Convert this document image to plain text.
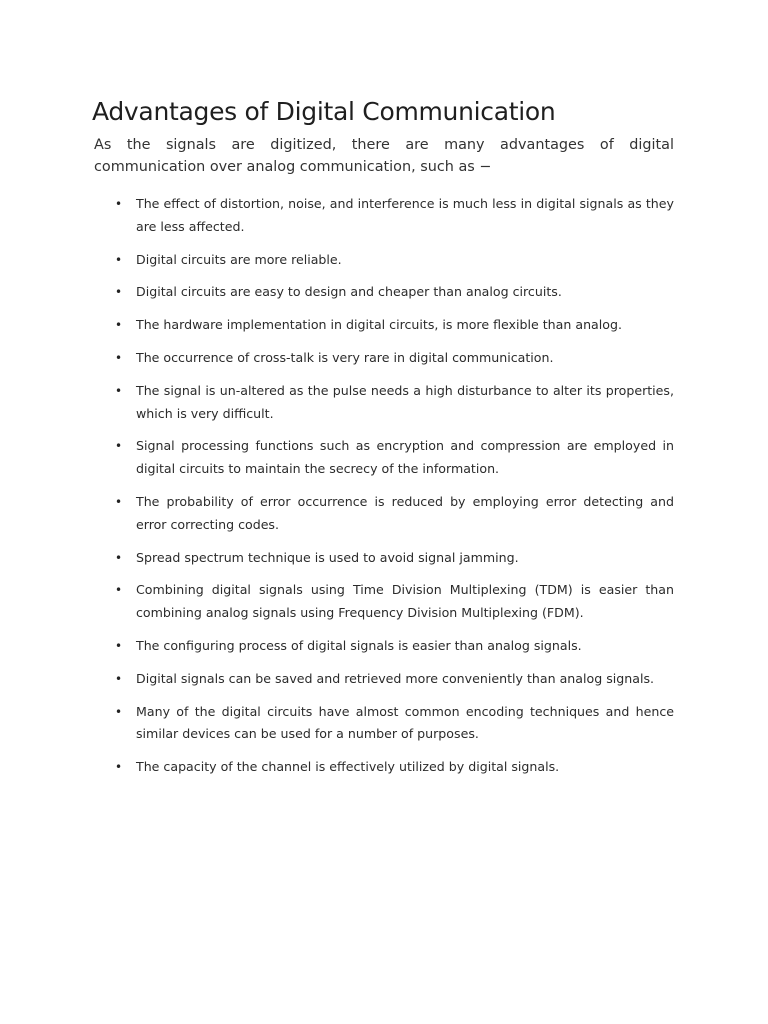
Advantages of Digital Communication

As the signals are digitized, there are many advantages of digital communication over analog communication, such as −

• The effect of distortion, noise, and interference is much less in digital signals as they are less affected.
• Digital circuits are more reliable.
• Digital circuits are easy to design and cheaper than analog circuits.
• The hardware implementation in digital circuits, is more flexible than analog.
• The occurrence of cross-talk is very rare in digital communication.
• The signal is un-altered as the pulse needs a high disturbance to alter its properties, which is very difficult.
• Signal processing functions such as encryption and compression are employed in digital circuits to maintain the secrecy of the information.
• The probability of error occurrence is reduced by employing error detecting and error correcting codes.
• Spread spectrum technique is used to avoid signal jamming.
• Combining digital signals using Time Division Multiplexing (TDM) is easier than combining analog signals using Frequency Division Multiplexing (FDM).
• The configuring process of digital signals is easier than analog signals.
• Digital signals can be saved and retrieved more conveniently than analog signals.
• Many of the digital circuits have almost common encoding techniques and hence similar devices can be used for a number of purposes.
• The capacity of the channel is effectively utilized by digital signals.
